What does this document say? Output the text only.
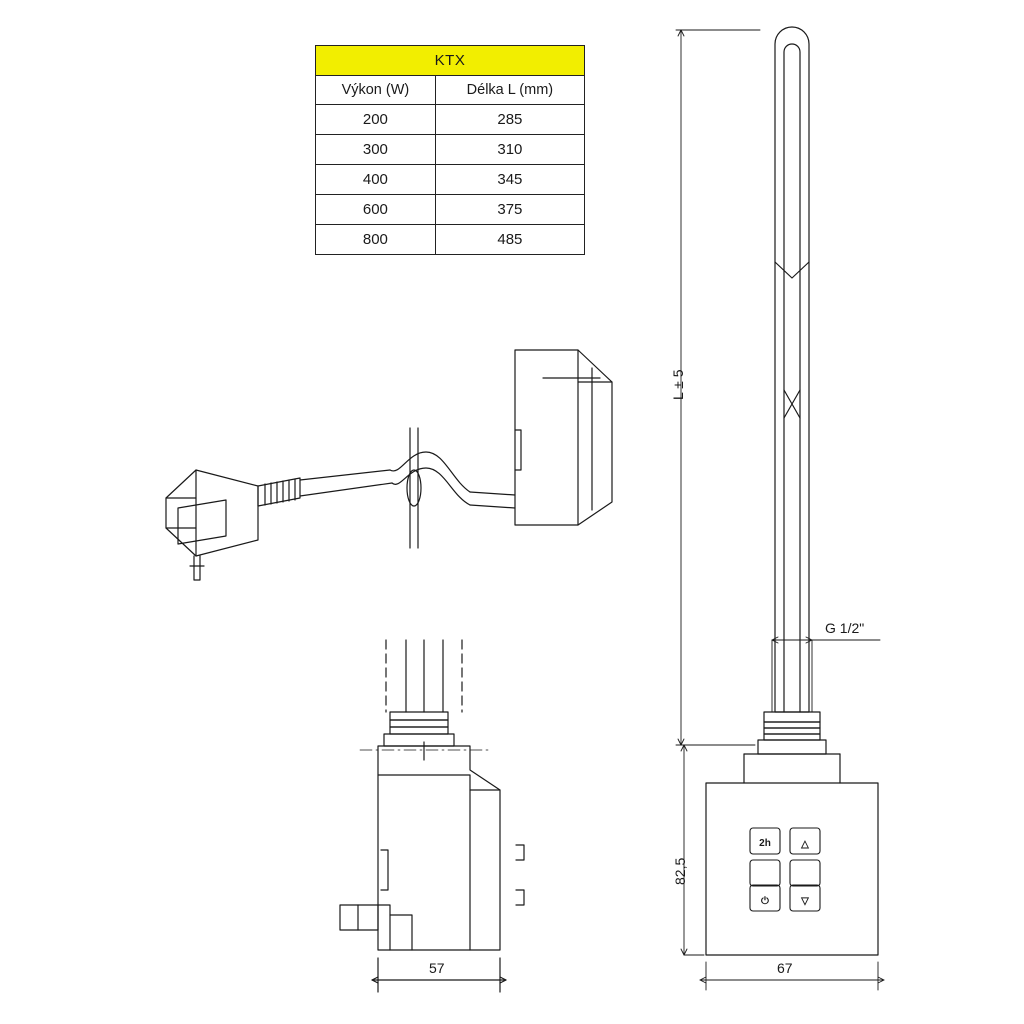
KTX	
Výkon (W)	Délka L (mm)
200	285
300	310
400	345
600	375
800	485
2h	△
⏻	▽
L ± 5
82,5
G 1/2"
67
57
